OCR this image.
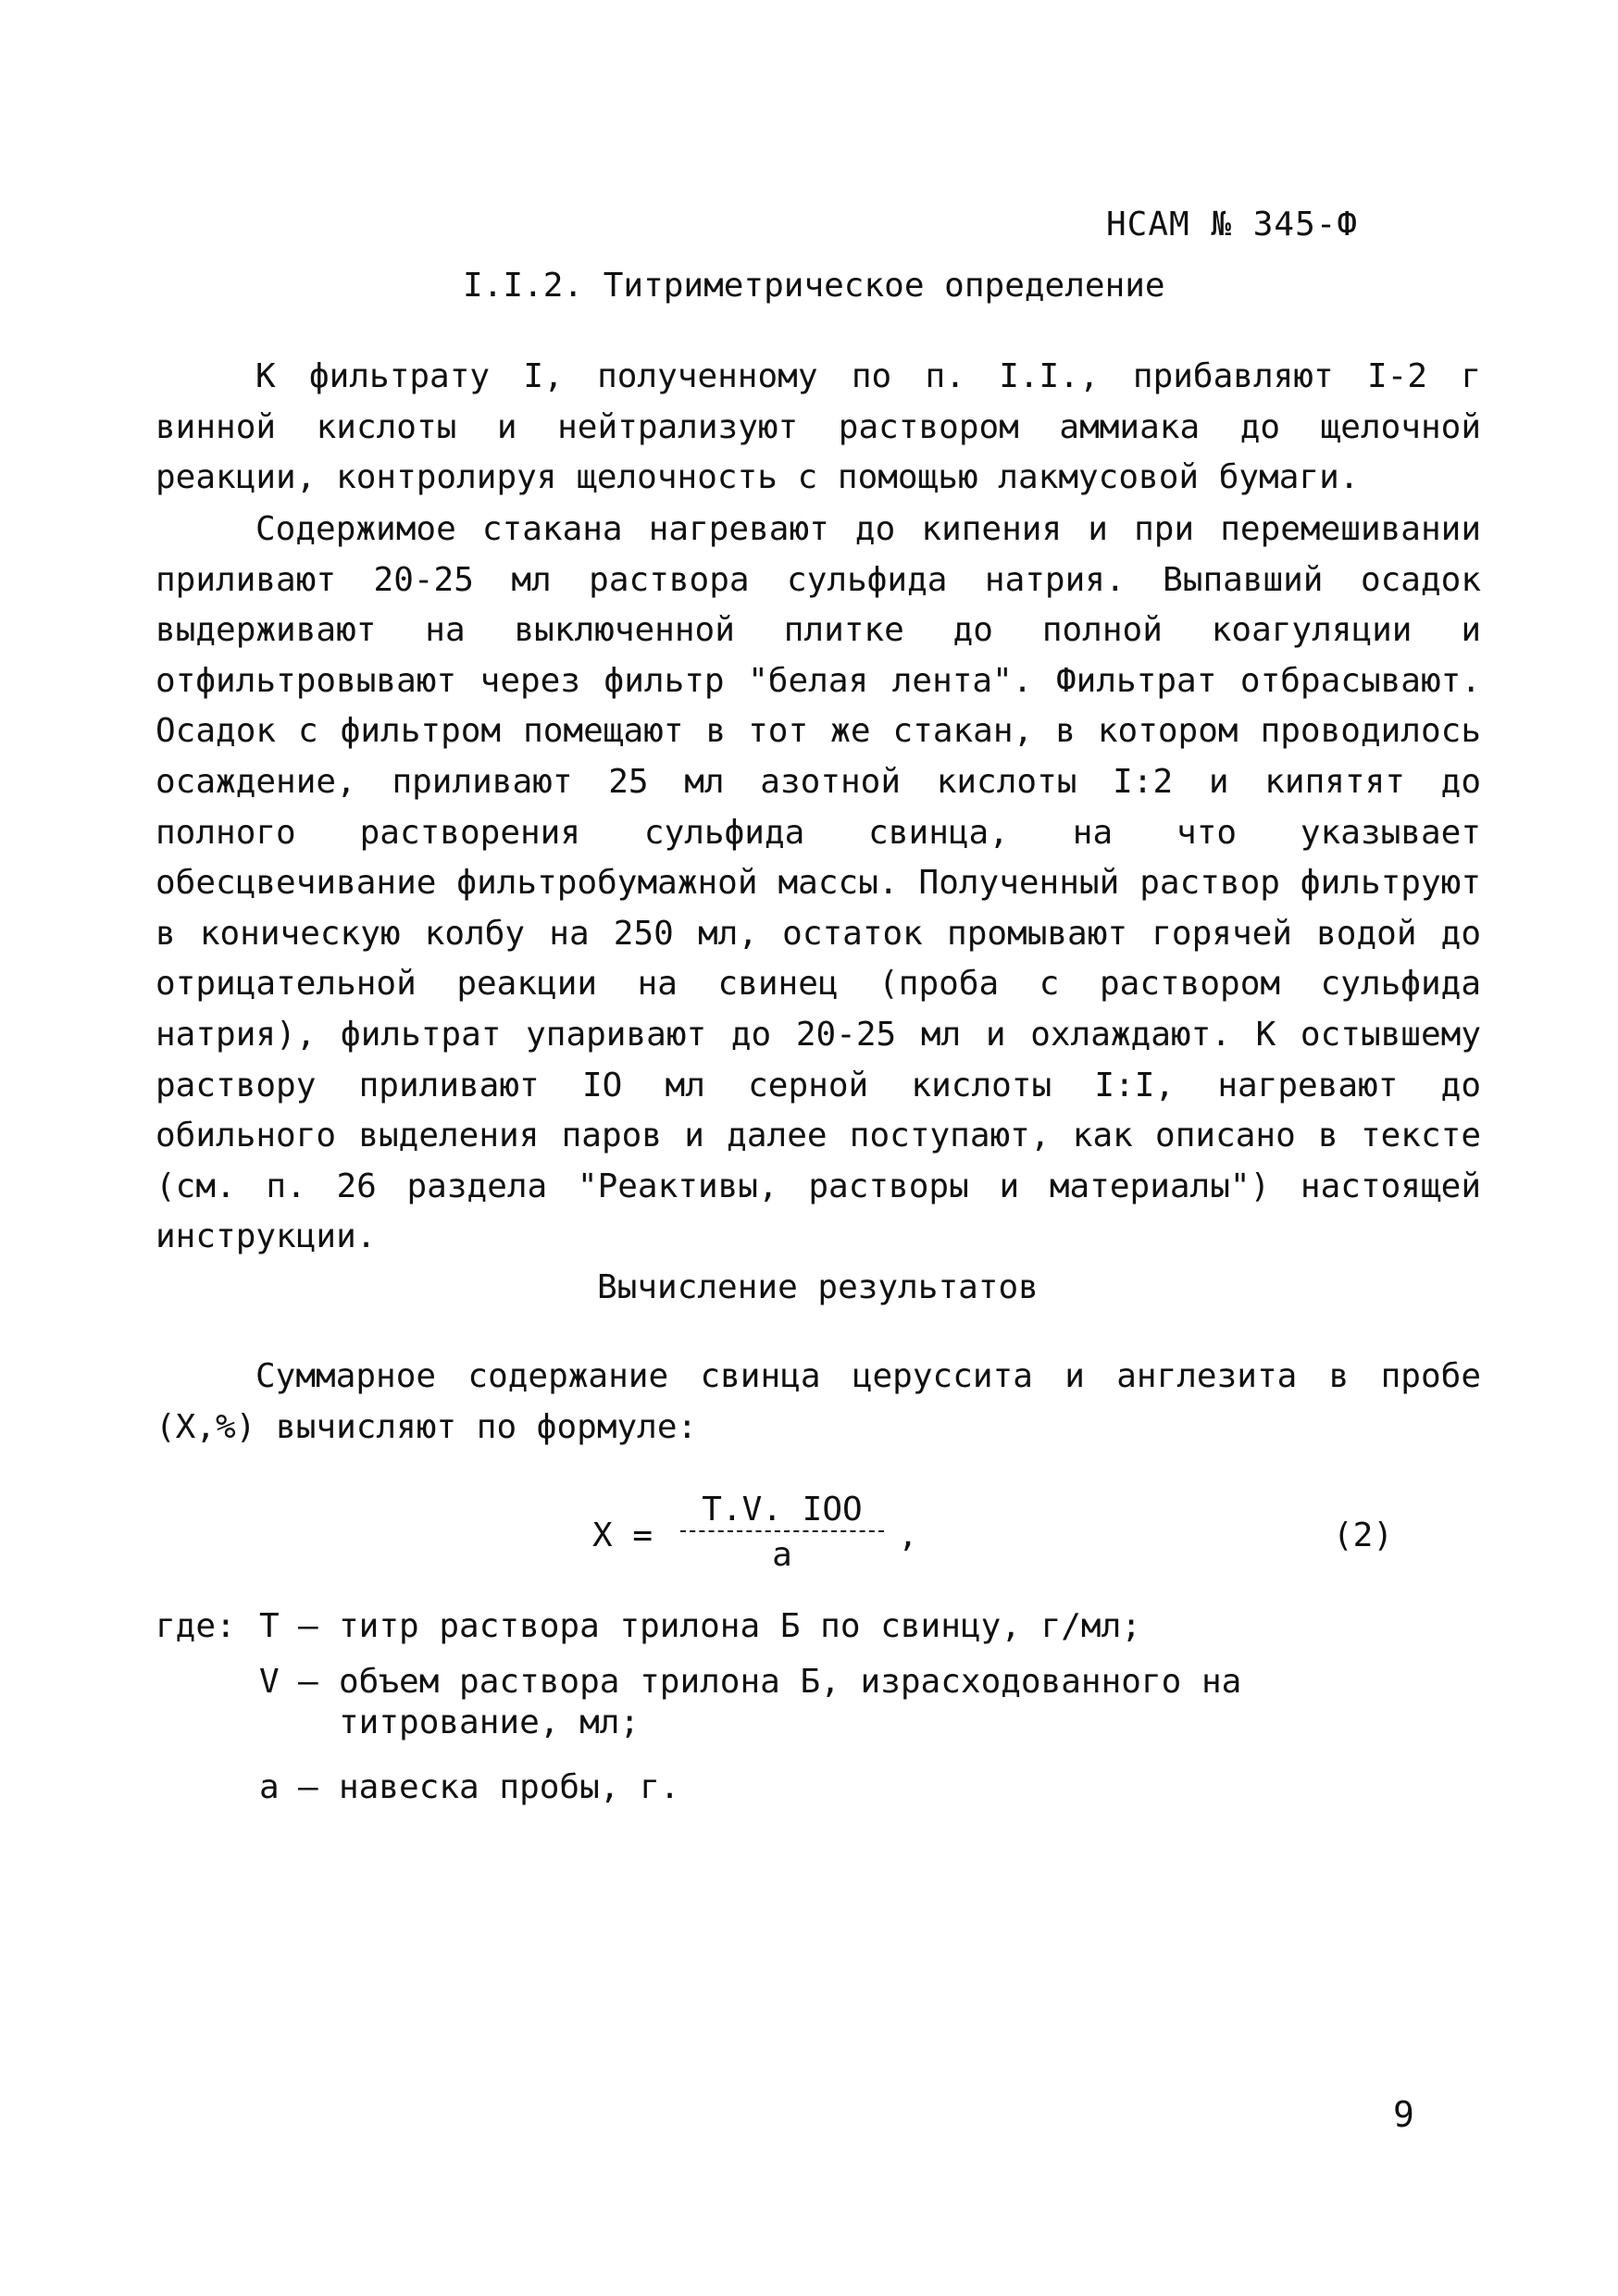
НСАМ № 345-Ф
I.I.2. Титриметрическое определение

К фильтрату I, полученному по п. I.I., прибавляют I-2 г винной кислоты и нейтрализуют раствором аммиака до щелочной реакции, контролируя щелочность с помощью лакмусовой бумаги.

Содержимое стакана нагревают до кипения и при перемешивании приливают 20-25 мл раствора сульфида натрия. Выпавший осадок выдерживают на выключенной плитке до полной коагуляции и отфильтровывают через фильтр "белая лента". Фильтрат отбрасывают. Осадок с фильтром помещают в тот же стакан, в котором проводилось осаждение, приливают 25 мл азотной кислоты I:2 и кипятят до полного растворения сульфида свинца, на что указывает обесцвечивание фильтробумажной массы. Полученный раствор фильтруют в коническую колбу на 250 мл, остаток промывают горячей водой до отрицательной реакции на свинец (проба с раствором сульфида натрия), фильтрат упаривают до 20-25 мл и охлаждают. К остывшему раствору приливают IO мл серной кислоты I:I, нагревают до обильного выделения паров и далее поступают, как описано в тексте (см. п. 26 раздела "Реактивы, растворы и материалы") настоящей инструкции.

Вычисление результатов

Суммарное содержание свинца церуссита и англезита в пробе (X,%) вычисляют по формуле:

X =
T.V. IOO
a
,	(2)
где: Т – титр раствора трилона Б по свинцу, г/мл;
V – объем раствора трилона Б, израсходованного на титрование, мл;
а – навеска пробы, г.
9
